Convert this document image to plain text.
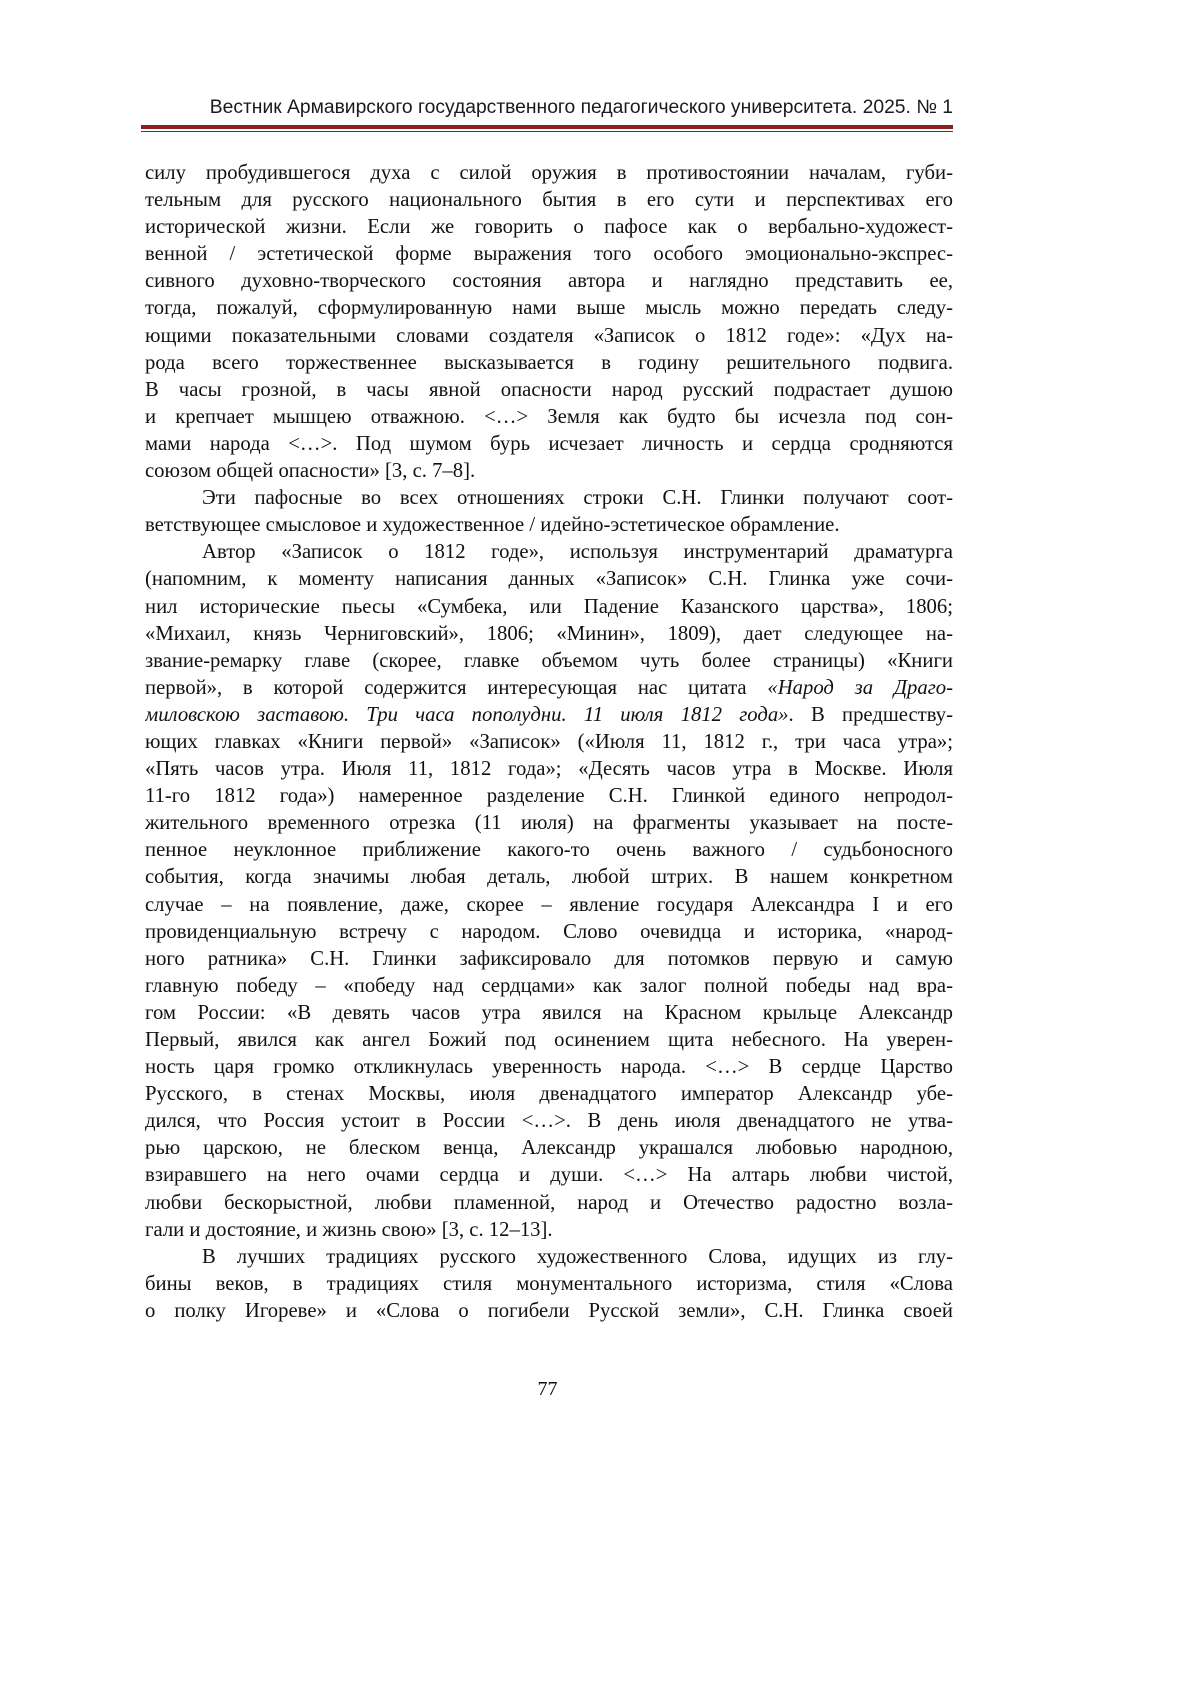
Вестник Армавирского государственного педагогического университета. 2025. № 1
силу пробудившегося духа с силой оружия в противостоянии началам, губи-
тельным для русского национального бытия в его сути и перспективах его
исторической жизни. Если же говорить о пафосе как о вербально-художест-
венной / эстетической форме выражения того особого эмоционально-экспрес-
сивного духовно-творческого состояния автора и наглядно представить ее,
тогда, пожалуй, сформулированную нами выше мысль можно передать следу-
ющими показательными словами создателя «Записок о 1812 годе»: «Дух на-
рода всего торжественнее высказывается в годину решительного подвига.
В часы грозной, в часы явной опасности народ русский подрастает душою
и крепчает мышцею отважною. <…> Земля как будто бы исчезла под сон-
мами народа <…>. Под шумом бурь исчезает личность и сердца сродняются
союзом общей опасности» [3, с. 7–8].
Эти пафосные во всех отношениях строки С.Н. Глинки получают соот-
ветствующее смысловое и художественное / идейно-эстетическое обрамление.
Автор «Записок о 1812 годе», используя инструментарий драматурга
(напомним, к моменту написания данных «Записок» С.Н. Глинка уже сочи-
нил исторические пьесы «Сумбека, или Падение Казанского царства», 1806;
«Михаил, князь Черниговский», 1806; «Минин», 1809), дает следующее на-
звание-ремарку главе (скорее, главке объемом чуть более страницы) «Книги
первой», в которой содержится интересующая нас цитата «Народ за Драго-
миловскою заставою. Три часа пополудни. 11 июля 1812 года». В предшеству-
ющих главках «Книги первой» «Записок» («Июля 11, 1812 г., три часа утра»;
«Пять часов утра. Июля 11, 1812 года»; «Десять часов утра в Москве. Июля
11-го 1812 года») намеренное разделение С.Н. Глинкой единого непродол-
жительного временного отрезка (11 июля) на фрагменты указывает на посте-
пенное неуклонное приближение какого-то очень важного / судьбоносного
события, когда значимы любая деталь, любой штрих. В нашем конкретном
случае – на появление, даже, скорее – явление государя Александра I и его
провиденциальную встречу с народом. Слово очевидца и историка, «народ-
ного ратника» С.Н. Глинки зафиксировало для потомков первую и самую
главную победу – «победу над сердцами» как залог полной победы над вра-
гом России: «В девять часов утра явился на Красном крыльце Александр
Первый, явился как ангел Божий под осинением щита небесного. На уверен-
ность царя громко откликнулась уверенность народа. <…> В сердце Царство
Русского, в стенах Москвы, июля двенадцатого император Александр убе-
дился, что Россия устоит в России <…>. В день июля двенадцатого не утва-
рью царскою, не блеском венца, Александр украшался любовью народною,
взиравшего на него очами сердца и души. <…> На алтарь любви чистой,
любви бескорыстной, любви пламенной, народ и Отечество радостно возла-
гали и достояние, и жизнь свою» [3, с. 12–13].
В лучших традициях русского художественного Слова, идущих из глу-
бины веков, в традициях стиля монументального историзма, стиля «Слова
о полку Игореве» и «Слова о погибели Русской земли», С.Н. Глинка своей
77
